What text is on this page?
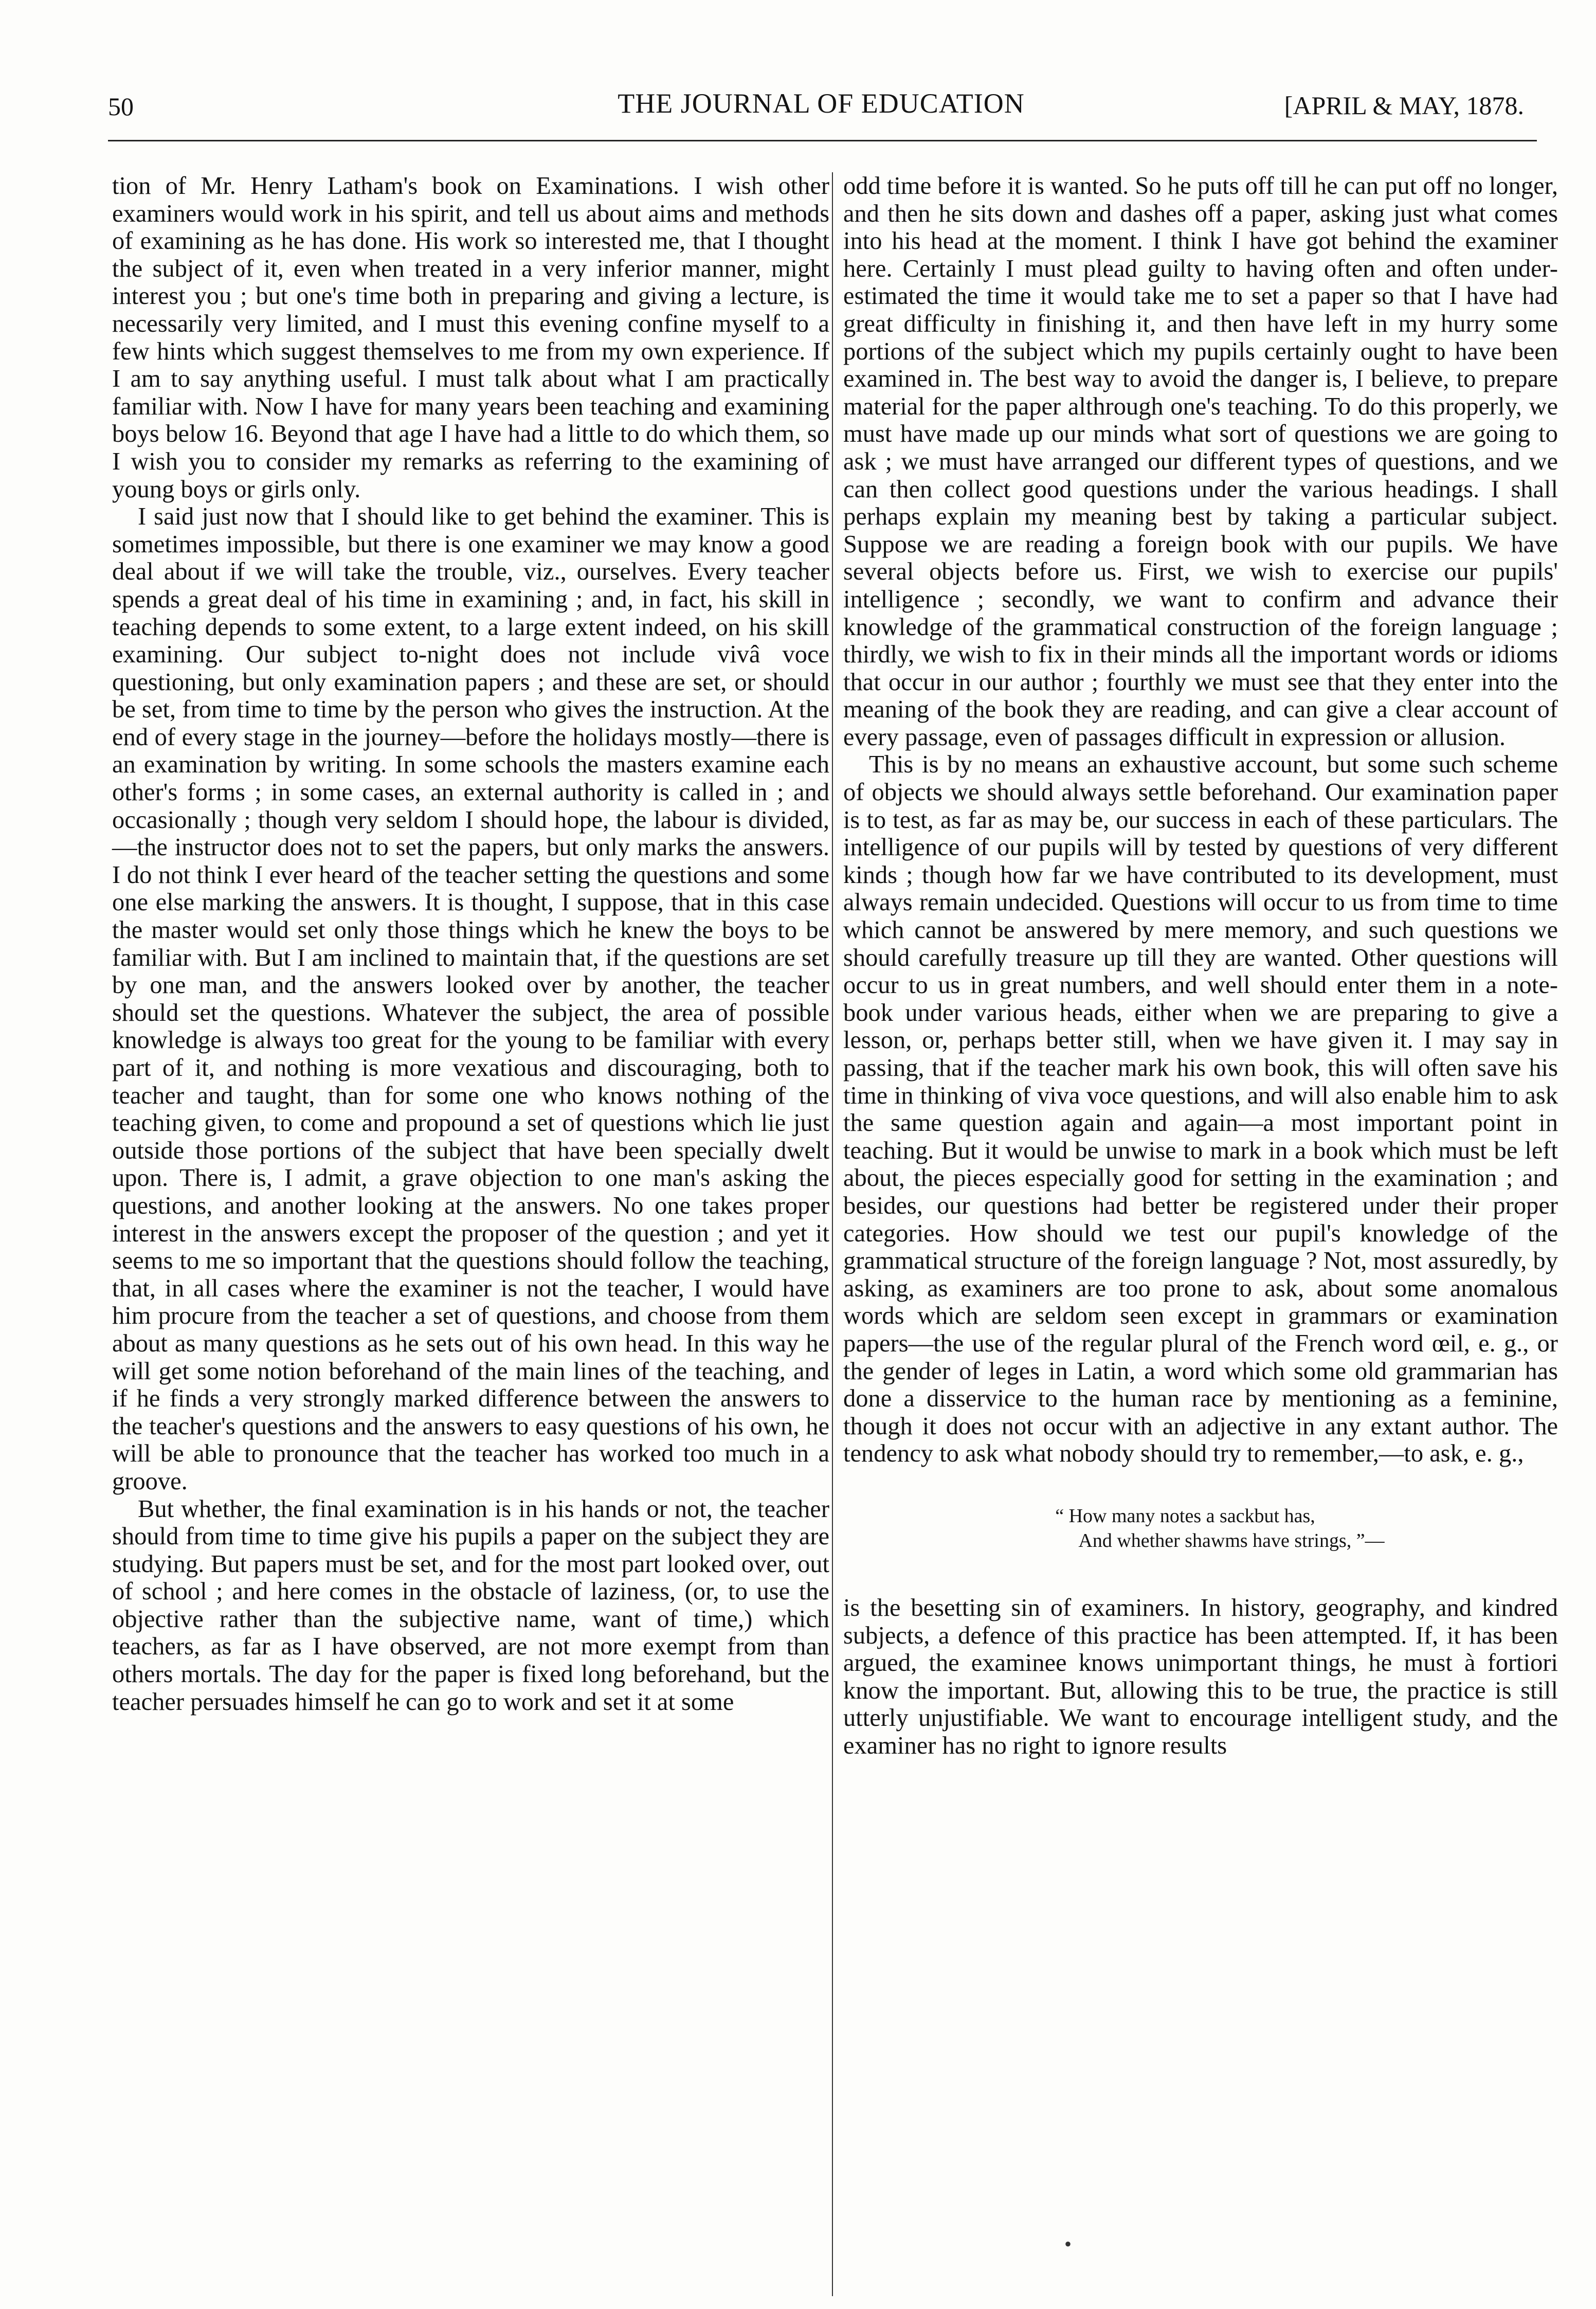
50	THE JOURNAL OF EDUCATION	[APRIL & MAY, 1878.

tion of Mr. Henry Latham's book on Examinations. I wish other examiners would work in his spirit, and tell us about aims and methods of examining as he has done. His work so interested me, that I thought the subject of it, even when treated in a very inferior manner, might interest you ; but one's time both in preparing and giving a lecture, is necessarily very limited, and I must this evening confine myself to a few hints which suggest themselves to me from my own experience. If I am to say anything useful. I must talk about what I am practically familiar with. Now I have for many years been teaching and examining boys below 16. Beyond that age I have had a little to do which them, so I wish you to consider my remarks as referring to the examining of young boys or girls only.

I said just now that I should like to get behind the examiner. This is sometimes impossible, but there is one examiner we may know a good deal about if we will take the trouble, viz., ourselves. Every teacher spends a great deal of his time in examining ; and, in fact, his skill in teaching depends to some extent, to a large extent indeed, on his skill examining. Our subject to-night does not include vivâ voce questioning, but only examination papers ; and these are set, or should be set, from time to time by the person who gives the instruction. At the end of every stage in the journey—before the holidays mostly—there is an examination by writing. In some schools the masters examine each other's forms ; in some cases, an external authority is called in ; and occasionally ; though very seldom I should hope, the labour is divided,—the instructor does not to set the papers, but only marks the answers. I do not think I ever heard of the teacher setting the questions and some one else marking the answers. It is thought, I suppose, that in this case the master would set only those things which he knew the boys to be familiar with. But I am inclined to maintain that, if the questions are set by one man, and the answers looked over by another, the teacher should set the questions. Whatever the subject, the area of possible knowledge is always too great for the young to be familiar with every part of it, and nothing is more vexatious and discouraging, both to teacher and taught, than for some one who knows nothing of the teaching given, to come and propound a set of questions which lie just outside those portions of the subject that have been specially dwelt upon. There is, I admit, a grave objection to one man's asking the questions, and another looking at the answers. No one takes proper interest in the answers except the proposer of the question ; and yet it seems to me so important that the questions should follow the teaching, that, in all cases where the examiner is not the teacher, I would have him procure from the teacher a set of questions, and choose from them about as many questions as he sets out of his own head. In this way he will get some notion beforehand of the main lines of the teaching, and if he finds a very strongly marked difference between the answers to the teacher's questions and the answers to easy questions of his own, he will be able to pronounce that the teacher has worked too much in a groove.

But whether, the final examination is in his hands or not, the teacher should from time to time give his pupils a paper on the subject they are studying. But papers must be set, and for the most part looked over, out of school ; and here comes in the obstacle of laziness, (or, to use the objective rather than the subjective name, want of time,) which teachers, as far as I have observed, are not more exempt from than others mortals. The day for the paper is fixed long beforehand, but the teacher persuades himself he can go to work and set it at some

odd time before it is wanted. So he puts off till he can put off no longer, and then he sits down and dashes off a paper, asking just what comes into his head at the moment. I think I have got behind the examiner here. Certainly I must plead guilty to having often and often under-estimated the time it would take me to set a paper so that I have had great difficulty in finishing it, and then have left in my hurry some portions of the subject which my pupils certainly ought to have been examined in. The best way to avoid the danger is, I believe, to prepare material for the paper althrough one's teaching. To do this properly, we must have made up our minds what sort of questions we are going to ask ; we must have arranged our different types of questions, and we can then collect good questions under the various headings. I shall perhaps explain my meaning best by taking a particular subject. Suppose we are reading a foreign book with our pupils. We have several objects before us. First, we wish to exercise our pupils' intelligence ; secondly, we want to confirm and advance their knowledge of the grammatical construction of the foreign language ; thirdly, we wish to fix in their minds all the important words or idioms that occur in our author ; fourthly we must see that they enter into the meaning of the book they are reading, and can give a clear account of every passage, even of passages difficult in expression or allusion.

This is by no means an exhaustive account, but some such scheme of objects we should always settle beforehand. Our examination paper is to test, as far as may be, our success in each of these particulars. The intelligence of our pupils will by tested by questions of very different kinds ; though how far we have contributed to its development, must always remain undecided. Questions will occur to us from time to time which cannot be answered by mere memory, and such questions we should carefully treasure up till they are wanted. Other questions will occur to us in great numbers, and well should enter them in a note-book under various heads, either when we are preparing to give a lesson, or, perhaps better still, when we have given it. I may say in passing, that if the teacher mark his own book, this will often save his time in thinking of viva voce questions, and will also enable him to ask the same question again and again—a most important point in teaching. But it would be unwise to mark in a book which must be left about, the pieces especially good for setting in the examination ; and besides, our questions had better be registered under their proper categories. How should we test our pupil's knowledge of the grammatical structure of the foreign language ? Not, most assuredly, by asking, as examiners are too prone to ask, about some anomalous words which are seldom seen except in grammars or examination papers—the use of the regular plural of the French word œil, e. g., or the gender of leges in Latin, a word which some old grammarian has done a disservice to the human race by mentioning as a feminine, though it does not occur with an adjective in any extant author. The tendency to ask what nobody should try to remember,—to ask, e. g.,

“ How many notes a sackbut has,
And whether shawms have strings, ”—

is the besetting sin of examiners. In history, geography, and kindred subjects, a defence of this practice has been attempted. If, it has been argued, the examinee knows unimportant things, he must à fortiori know the important. But, allowing this to be true, the practice is still utterly unjustifiable. We want to encourage intelligent study, and the examiner has no right to ignore results

•
